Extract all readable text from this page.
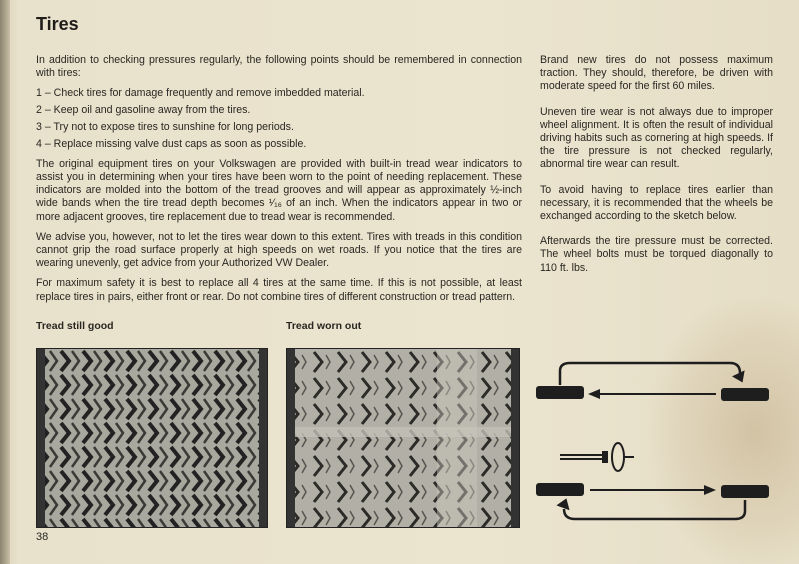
Tires

In addition to checking pressures regularly, the following points should be remembered in connection with tires:

1 – Check tires for damage frequently and remove imbedded material.
2 – Keep oil and gasoline away from the tires.
3 – Try not to expose tires to sunshine for long periods.
4 – Replace missing valve dust caps as soon as possible.

The original equipment tires on your Volkswagen are provided with built-in tread wear indicators to assist you in determining when your tires have been worn to the point of needing replacement. These indicators are molded into the bottom of the tread grooves and will appear as approximately ½-inch wide bands when the tire tread depth becomes ¹⁄₁₆ of an inch. When the indicators appear in two or more adjacent grooves, tire replacement due to tread wear is recommended.

We advise you, however, not to let the tires wear down to this extent. Tires with treads in this condition cannot grip the road surface properly at high speeds on wet roads. If you notice that the tires are wearing unevenly, get advice from your Authorized VW Dealer.

For maximum safety it is best to replace all 4 tires at the same time. If this is not possible, at least replace tires in pairs, either front or rear. Do not combine tires of different construction or tread pattern.

Brand new tires do not possess maximum traction. They should, therefore, be driven with moderate speed for the first 60 miles.

Uneven tire wear is not always due to improper wheel alignment. It is often the result of individual driving habits such as cornering at high speeds. If the tire pressure is not checked regularly, abnormal tire wear can result.

To avoid having to replace tires earlier than necessary, it is recommended that the wheels be exchanged according to the sketch below.

Afterwards the tire pressure must be corrected. The wheel bolts must be torqued diagonally to 110 ft. lbs.

Tread still good	Tread worn out
38
